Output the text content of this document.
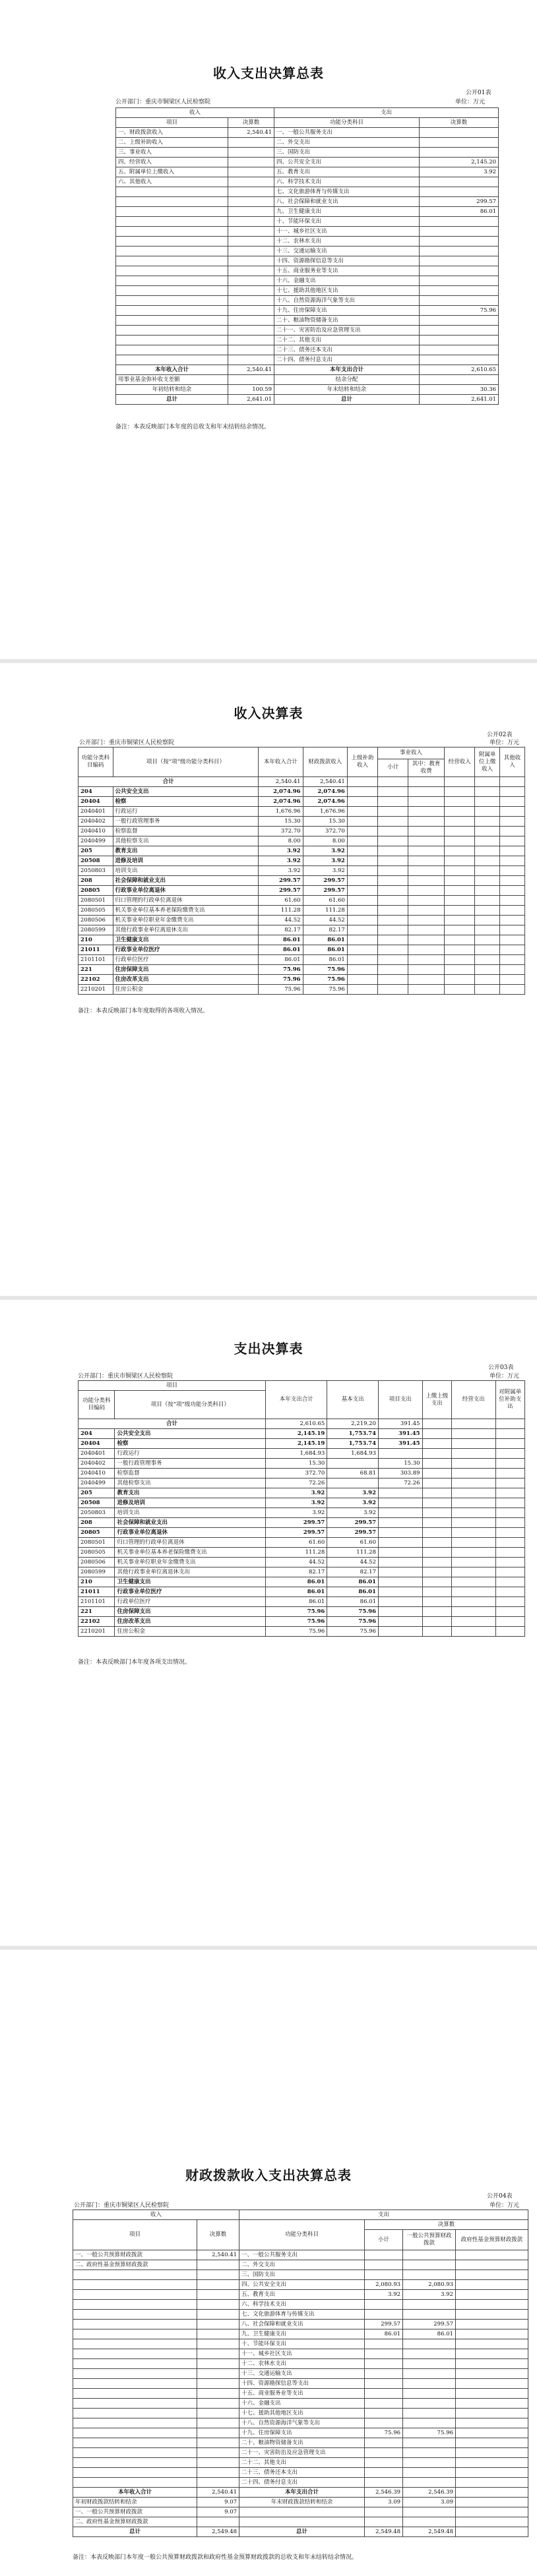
收入支出决算总表
公开01表
公开部门：重庆市铜梁区人民检察院	单位：万元
收入		支出	
项目	决算数	功能分类科目	决算数
一、财政拨款收入	2,540.41	一、一般公共服务支出	
二、上级补助收入		二、外交支出	
三、事业收入		三、国防支出	
四、经营收入		四、公共安全支出	2,145.20
五、附属单位上缴收入		五、教育支出	3.92
六、其他收入		六、科学技术支出	
		七、文化旅游体育与传媒支出	
		八、社会保障和就业支出	299.57
		九、卫生健康支出	86.01
		十、节能环保支出	
		十一、城乡社区支出	
		十二、农林水支出	
		十三、交通运输支出	
		十四、资源勘探信息等支出	
		十五、商业服务业等支出	
		十六、金融支出	
		十七、援助其他地区支出	
		十八、自然资源海洋气象等支出	
		十九、住房保障支出	75.96
		二十、粮油物资储备支出	
		二十一、灾害防治及应急管理支出	
		二十二、其他支出	
		二十三、债务还本支出	
		二十四、债务付息支出	
本年收入合计	2,540.41	本年支出合计	2,610.65
用事业基金弥补收支差额		结余分配	
年初结转和结余	100.59	年末结转和结余	30.36
总计	2,641.01	总计	2,641.01
备注：本表反映部门本年度的总收支和年末结转结余情况。
收入决算表
公开02表
公开部门：重庆市铜梁区人民检察院	单位：万元
功能分类科目编码	项目（按“项”级功能分类科目）	本年收入合计	财政拨款收入	上级补助收入	事业收入		经营收入	附属单位上缴收入	其他收入
					小计	其中：教育收费			
合计		2,540.41	2,540.41						
204	公共安全支出	2,074.96	2,074.96						
20404	检察	2,074.96	2,074.96						
2040401	行政运行	1,676.96	1,676.96						
2040402	一般行政管理事务	15.30	15.30						
2040410	检察监督	372.70	372.70						
2040499	其他检察支出	8.00	8.00						
205	教育支出	3.92	3.92						
20508	进修及培训	3.92	3.92						
2050803	培训支出	3.92	3.92						
208	社会保障和就业支出	299.57	299.57						
20805	行政事业单位离退休	299.57	299.57						
2080501	归口管理的行政单位离退休	61.60	61.60						
2080505	机关事业单位基本养老保险缴费支出	111.28	111.28						
2080506	机关事业单位职业年金缴费支出	44.52	44.52						
2080599	其他行政事业单位离退休支出	82.17	82.17						
210	卫生健康支出	86.01	86.01						
21011	行政事业单位医疗	86.01	86.01						
2101101	行政单位医疗	86.01	86.01						
221	住房保障支出	75.96	75.96						
22102	住房改革支出	75.96	75.96						
2210201	住房公积金	75.96	75.96						
备注：本表反映部门本年度取得的各项收入情况。
支出决算表
公开03表
公开部门：重庆市铜梁区人民检察院	单位：万元
项目		本年支出合计	基本支出	项目支出	上缴上级支出	经营支出	对附属单位补助支出
功能分类科目编码	项目（按“项”级功能分类科目）						
合计		2,610.65	2,219.20	391.45			
204	公共安全支出	2,145.19	1,753.74	391.45			
20404	检察	2,145.19	1,753.74	391.45			
2040401	行政运行	1,684.93	1,684.93				
2040402	一般行政管理事务	15.30		15.30			
2040410	检察监督	372.70	68.81	303.89			
2040499	其他检察支出	72.26		72.26			
205	教育支出	3.92	3.92				
20508	进修及培训	3.92	3.92				
2050803	培训支出	3.92	3.92				
208	社会保障和就业支出	299.57	299.57				
20805	行政事业单位离退休	299.57	299.57				
2080501	归口管理的行政单位离退休	61.60	61.60				
2080505	机关事业单位基本养老保险缴费支出	111.28	111.28				
2080506	机关事业单位职业年金缴费支出	44.52	44.52				
2080599	其他行政事业单位离退休支出	82.17	82.17				
210	卫生健康支出	86.01	86.01				
21011	行政事业单位医疗	86.01	86.01				
2101101	行政单位医疗	86.01	86.01				
221	住房保障支出	75.96	75.96				
22102	住房改革支出	75.96	75.96				
2210201	住房公积金	75.96	75.96				
备注：本表反映部门本年度各项支出情况。
财政拨款收入支出决算总表
公开04表
公开部门：重庆市铜梁区人民检察院	单位：万元
收入		支出			
项目	决算数	功能分类科目	决算数		
			小计	一般公共预算财政拨款	政府性基金预算财政拨款
一、一般公共预算财政拨款	2,540.41	一、一般公共服务支出			
二、政府性基金预算财政拨款		二、外交支出			
		三、国防支出			
		四、公共安全支出	2,080.93	2,080.93	
		五、教育支出	3.92	3.92	
		六、科学技术支出			
		七、文化旅游体育与传媒支出			
		八、社会保障和就业支出	299.57	299.57	
		九、卫生健康支出	86.01	86.01	
		十、节能环保支出			
		十一、城乡社区支出			
		十二、农林水支出			
		十三、交通运输支出			
		十四、资源勘探信息等支出			
		十五、商业服务业等支出			
		十六、金融支出			
		十七、援助其他地区支出			
		十八、自然资源海洋气象等支出			
		十九、住房保障支出	75.96	75.96	
		二十、粮油物资储备支出			
		二十一、灾害防治及应急管理支出			
		二十二、其他支出			
		二十三、债务还本支出			
		二十四、债务付息支出			
本年收入合计	2,540.41	本年支出合计	2,546.39	2,546.39	
年初财政拨款结转和结余	9.07	年末财政拨款结转和结余	3.09	3.09	
一、一般公共预算财政拨款	9.07				
二、政府性基金预算财政拨款					
总计	2,549.48	总计	2,549.48	2,549.48	
备注：本表反映部门本年度一般公共预算财政拨款和政府性基金预算财政拨款的总收支和年末结转结余情况。
